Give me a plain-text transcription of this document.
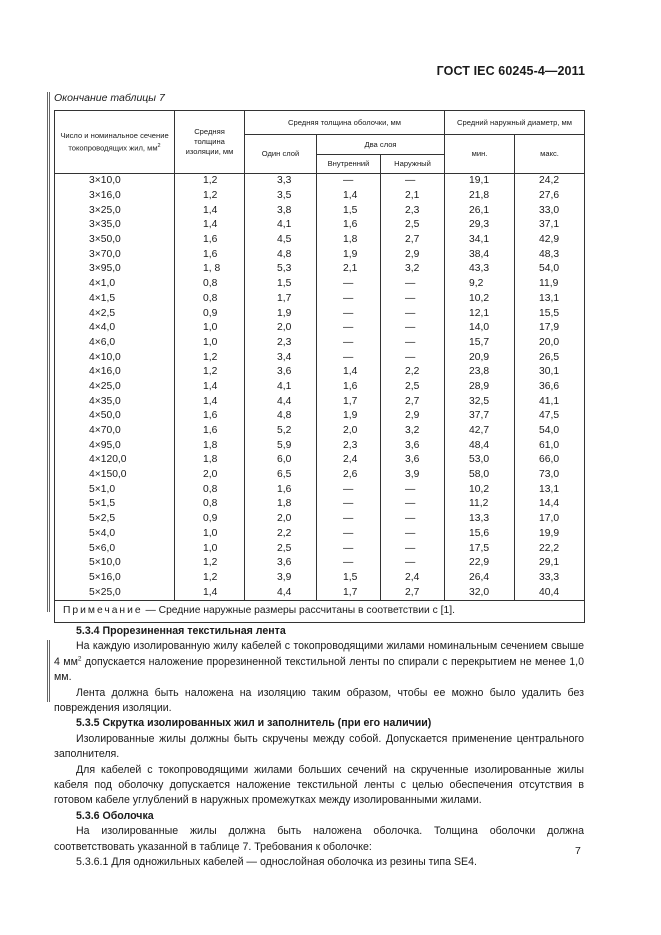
ГОСТ IEC 60245-4—2011
Окончание таблицы 7
Число и номинальное сечение токопроводящих жил, $мм^2$	Средняя толщина изоляции, мм	Средняя толщина оболочки, мм			Средний наружный диаметр, мм	
		Один слой	Два слоя		мин.	макс.
			Внутренний	Наружный		
3×10,0	1,2	3,3	—	—	19,1	24,2
3×16,0	1,2	3,5	1,4	2,1	21,8	27,6
3×25,0	1,4	3,8	1,5	2,3	26,1	33,0
3×35,0	1,4	4,1	1,6	2,5	29,3	37,1
3×50,0	1,6	4,5	1,8	2,7	34,1	42,9
3×70,0	1,6	4,8	1,9	2,9	38,4	48,3
3×95,0	1, 8	5,3	2,1	3,2	43,3	54,0
4×1,0	0,8	1,5	—	—	9,2	11,9
4×1,5	0,8	1,7	—	—	10,2	13,1
4×2,5	0,9	1,9	—	—	12,1	15,5
4×4,0	1,0	2,0	—	—	14,0	17,9
4×6,0	1,0	2,3	—	—	15,7	20,0
4×10,0	1,2	3,4	—	—	20,9	26,5
4×16,0	1,2	3,6	1,4	2,2	23,8	30,1
4×25,0	1,4	4,1	1,6	2,5	28,9	36,6
4×35,0	1,4	4,4	1,7	2,7	32,5	41,1
4×50,0	1,6	4,8	1,9	2,9	37,7	47,5
4×70,0	1,6	5,2	2,0	3,2	42,7	54,0
4×95,0	1,8	5,9	2,3	3,6	48,4	61,0
4×120,0	1,8	6,0	2,4	3,6	53,0	66,0
4×150,0	2,0	6,5	2,6	3,9	58,0	73,0
5×1,0	0,8	1,6	—	—	10,2	13,1
5×1,5	0,8	1,8	—	—	11,2	14,4
5×2,5	0,9	2,0	—	—	13,3	17,0
5×4,0	1,0	2,2	—	—	15,6	19,9
5×6,0	1,0	2,5	—	—	17,5	22,2
5×10,0	1,2	3,6	—	—	22,9	29,1
5×16,0	1,2	3,9	1,5	2,4	26,4	33,3
5×25,0	1,4	4,4	1,7	2,7	32,0	40,4
Примечание — Средние наружные размеры рассчитаны в соответствии с [1].						

5.3.4 Прорезиненная текстильная лента

На каждую изолированную жилу кабелей с токопроводящими жилами номинальным сечением свыше 4 $мм^2$ допускается наложение прорезиненной текстильной ленты по спирали с перекрытием не менее 1,0 мм.

Лента должна быть наложена на изоляцию таким образом, чтобы ее можно было удалить без повреждения изоляции.

5.3.5 Скрутка изолированных жил и заполнитель (при его наличии)

Изолированные жилы должны быть скручены между собой. Допускается применение центрального заполнителя.

Для кабелей с токопроводящими жилами больших сечений на скрученные изолированные жилы кабеля под оболочку допускается наложение текстильной ленты с целью обеспечения отсутствия в готовом кабеле углублений в наружных промежутках между изолированными жилами.

5.3.6 Оболочка

На изолированные жилы должна быть наложена оболочка. Толщина оболочки должна соответствовать указанной в таблице 7. Требования к оболочке:

5.3.6.1 Для одножильных кабелей — однослойная оболочка из резины типа SE4.

7
